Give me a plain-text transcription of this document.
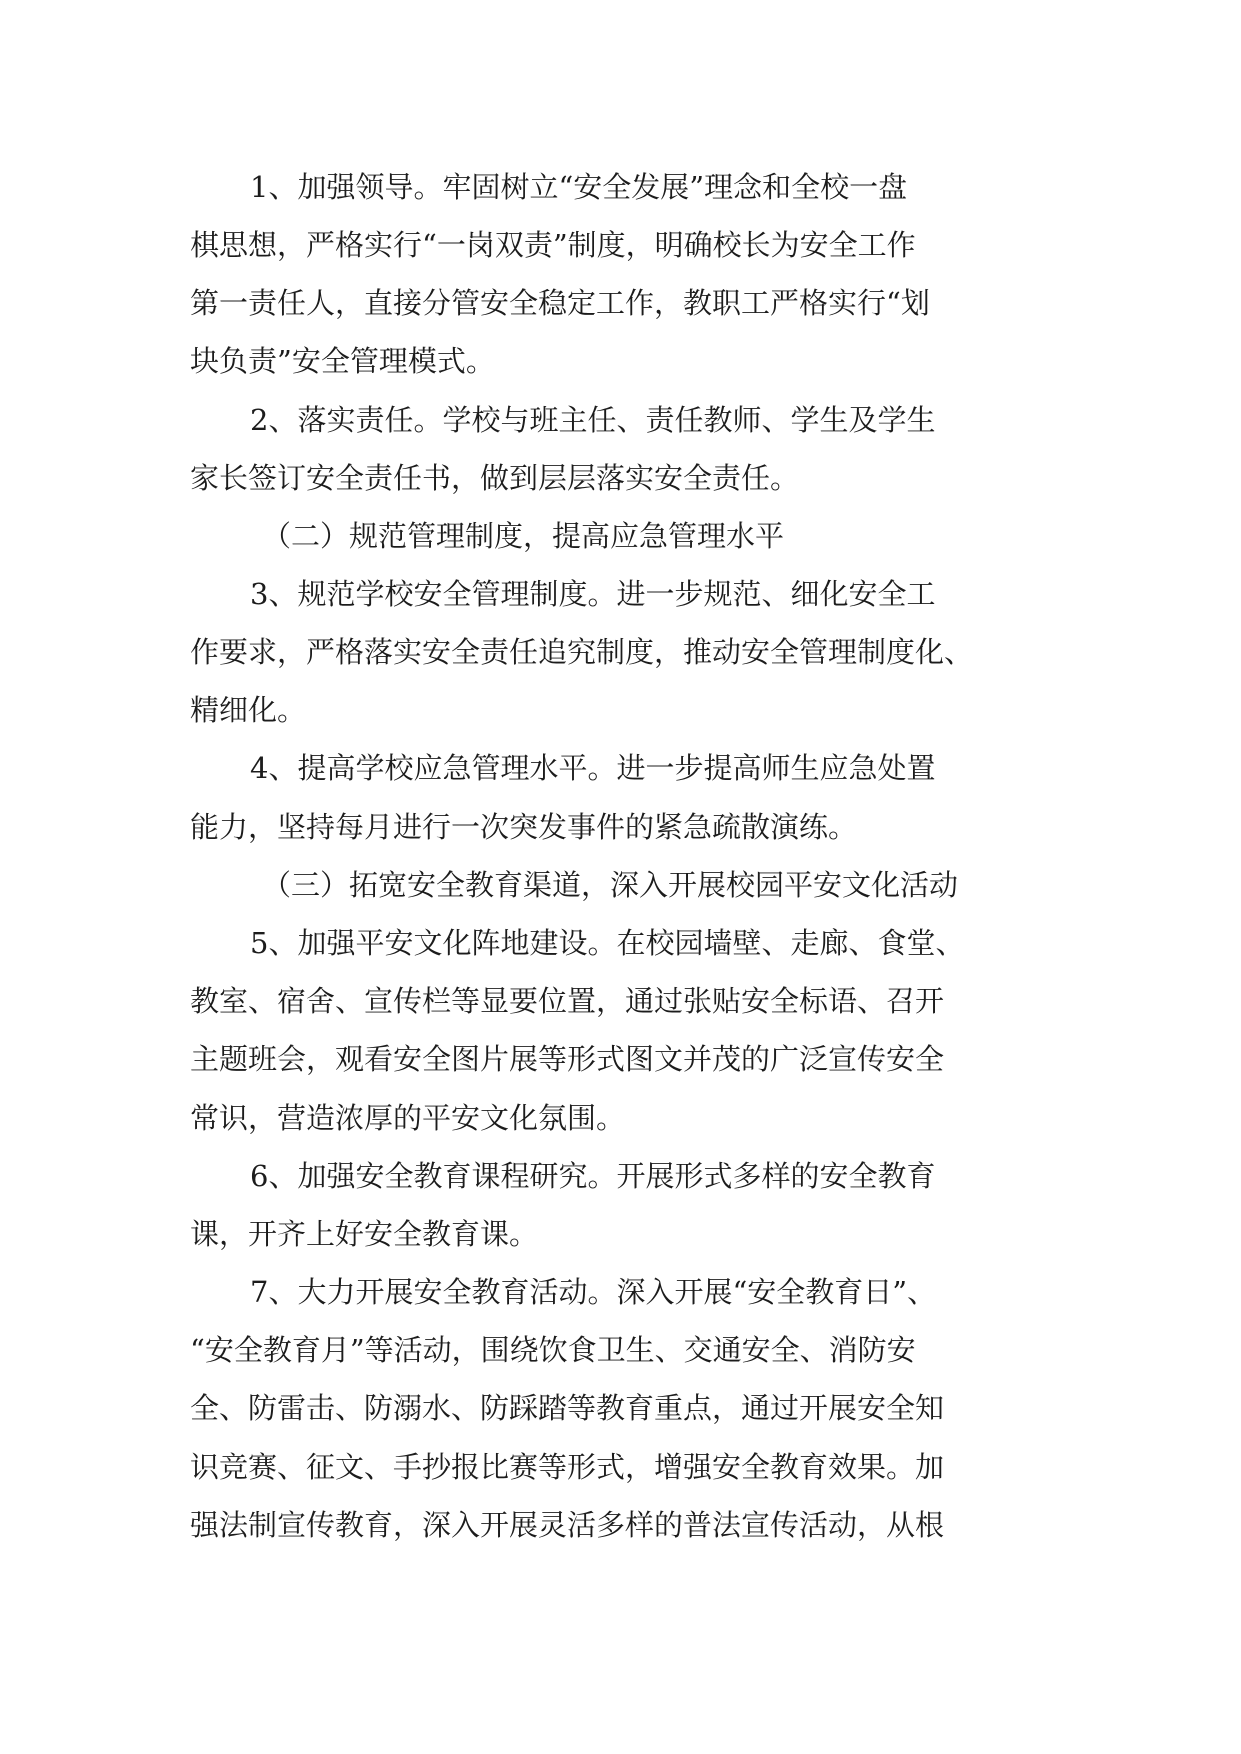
1、加强领导。牢固树立“安全发展”理念和全校一盘
棋思想，严格实行“一岗双责”制度，明确校长为安全工作
第一责任人，直接分管安全稳定工作，教职工严格实行“划
块负责”安全管理模式。
2、落实责任。学校与班主任、责任教师、学生及学生
家长签订安全责任书，做到层层落实安全责任。
（二）规范管理制度，提高应急管理水平
3、规范学校安全管理制度。进一步规范、细化安全工
作要求，严格落实安全责任追究制度，推动安全管理制度化、
精细化。
4、提高学校应急管理水平。进一步提高师生应急处置
能力，坚持每月进行一次突发事件的紧急疏散演练。
（三）拓宽安全教育渠道，深入开展校园平安文化活动
5、加强平安文化阵地建设。在校园墙壁、走廊、食堂、
教室、宿舍、宣传栏等显要位置，通过张贴安全标语、召开
主题班会，观看安全图片展等形式图文并茂的广泛宣传安全
常识，营造浓厚的平安文化氛围。
6、加强安全教育课程研究。开展形式多样的安全教育
课，开齐上好安全教育课。
7、大力开展安全教育活动。深入开展“安全教育日”、
“安全教育月”等活动，围绕饮食卫生、交通安全、消防安
全、防雷击、防溺水、防踩踏等教育重点，通过开展安全知
识竞赛、征文、手抄报比赛等形式，增强安全教育效果。加
强法制宣传教育，深入开展灵活多样的普法宣传活动，从根
